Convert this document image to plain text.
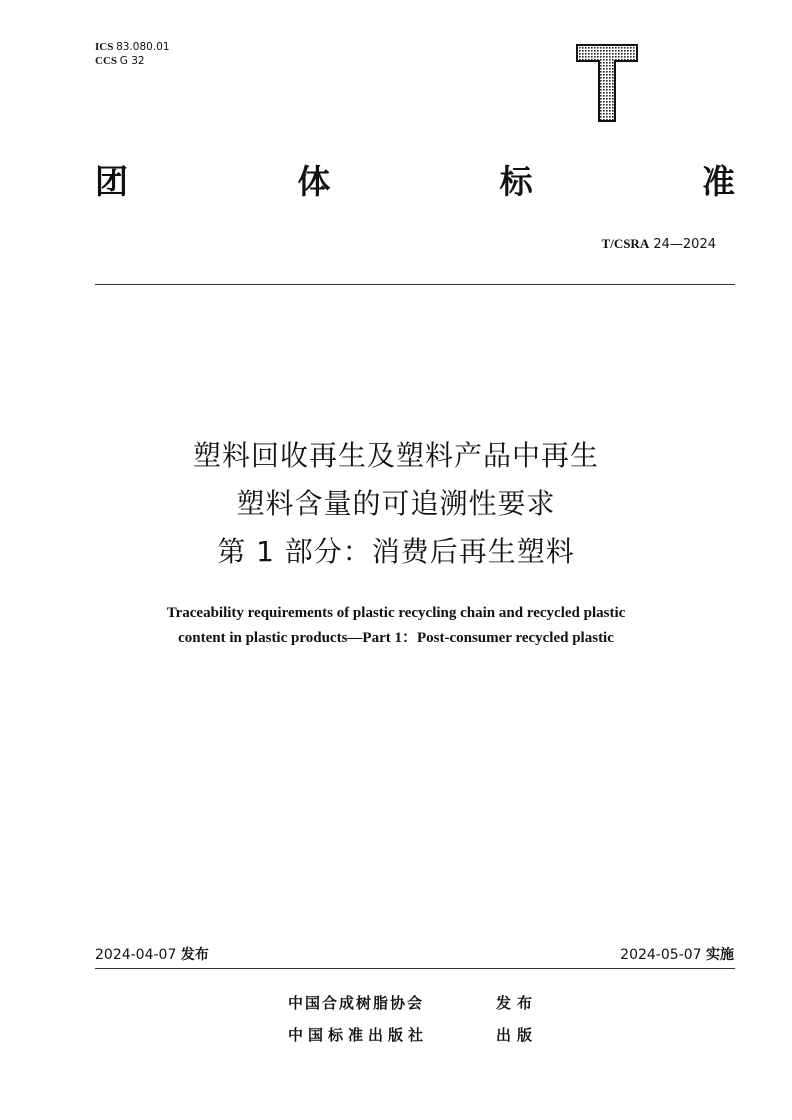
ICS 83.080.01
CCS G 32
团	体	标	准
T/CSRA 24—2024
塑料回收再生及塑料产品中再生
塑料含量的可追溯性要求
第 1 部分：消费后再生塑料
Traceability requirements of plastic recycling chain and recycled plastic
content in plastic products—Part 1：Post-consumer recycled plastic
2024-04-07 发布	2024-05-07 实施
中国合成树脂协会	发布
中国标准出版社	出版
